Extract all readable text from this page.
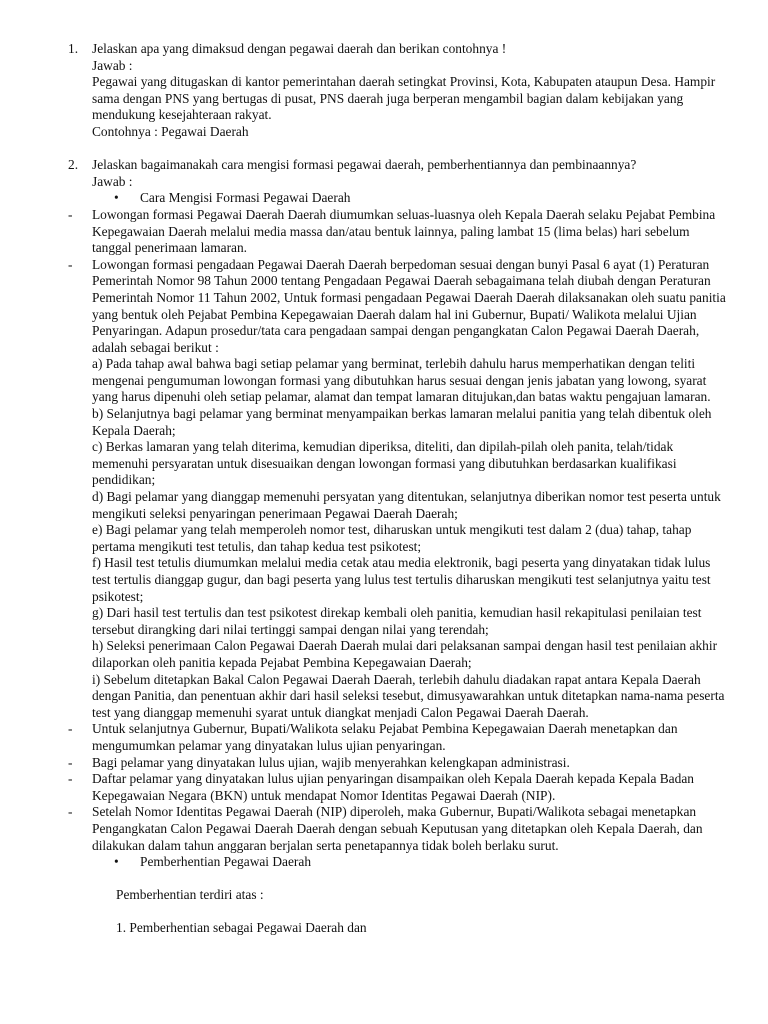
1. Jelaskan apa yang dimaksud dengan pegawai daerah dan berikan contohnya !
Jawab :
Pegawai yang ditugaskan di kantor pemerintahan daerah setingkat Provinsi, Kota, Kabupaten ataupun Desa. Hampir sama dengan PNS yang bertugas di pusat, PNS daerah juga berperan mengambil bagian dalam kebijakan yang mendukung kesejahteraan rakyat.
Contohnya : Pegawai Daerah
2. Jelaskan bagaimanakah cara mengisi formasi pegawai daerah, pemberhentiannya dan pembinaannya?
Jawab :
• Cara Mengisi Formasi Pegawai Daerah
- Lowongan formasi Pegawai Daerah Daerah diumumkan seluas-luasnya oleh Kepala Daerah selaku Pejabat Pembina Kepegawaian Daerah melalui media massa dan/atau bentuk lainnya, paling lambat 15 (lima belas) hari sebelum tanggal penerimaan lamaran.

- Lowongan formasi pengadaan Pegawai Daerah Daerah berpedoman sesuai dengan bunyi Pasal 6 ayat (1) Peraturan Pemerintah Nomor 98 Tahun 2000 tentang Pengadaan Pegawai Daerah sebagaimana telah diubah dengan Peraturan Pemerintah Nomor 11 Tahun 2002, Untuk formasi pengadaan Pegawai Daerah Daerah dilaksanakan oleh suatu panitia yang bentuk oleh Pejabat Pembina Kepegawaian Daerah dalam hal ini Gubernur, Bupati/ Walikota melalui Ujian Penyaringan. Adapun prosedur/tata cara pengadaan sampai dengan pengangkatan Calon Pegawai Daerah Daerah, adalah sebagai berikut :

a) Pada tahap awal bahwa bagi setiap pelamar yang berminat, terlebih dahulu harus memperhatikan dengan teliti mengenai pengumuman lowongan formasi yang dibutuhkan harus sesuai dengan jenis jabatan yang lowong, syarat yang harus dipenuhi oleh setiap pelamar, alamat dan tempat lamaran ditujukan,dan batas waktu pengajuan lamaran.

b) Selanjutnya bagi pelamar yang berminat menyampaikan berkas lamaran melalui panitia yang telah dibentuk oleh Kepala Daerah;

c) Berkas lamaran yang telah diterima, kemudian diperiksa, diteliti, dan dipilah-pilah oleh panita, telah/tidak memenuhi persyaratan untuk disesuaikan dengan lowongan formasi yang dibutuhkan berdasarkan kualifikasi pendidikan;

d) Bagi pelamar yang dianggap memenuhi persyatan yang ditentukan, selanjutnya diberikan nomor test peserta untuk mengikuti seleksi penyaringan penerimaan Pegawai Daerah Daerah;

e) Bagi pelamar yang telah memperoleh nomor test, diharuskan untuk mengikuti test dalam 2 (dua) tahap, tahap pertama mengikuti test tetulis, dan tahap kedua test psikotest;

f) Hasil test tetulis diumumkan melalui media cetak atau media elektronik, bagi peserta yang dinyatakan tidak lulus test tertulis dianggap gugur, dan bagi peserta yang lulus test tertulis diharuskan mengikuti test selanjutnya yaitu test psikotest;

g) Dari hasil test tertulis dan test psikotest direkap kembali oleh panitia, kemudian hasil rekapitulasi penilaian test tersebut dirangking dari nilai tertinggi sampai dengan nilai yang terendah;

h) Seleksi penerimaan Calon Pegawai Daerah Daerah mulai dari pelaksanan sampai dengan hasil test penilaian akhir dilaporkan oleh panitia kepada Pejabat Pembina Kepegawaian Daerah;

i) Sebelum ditetapkan Bakal Calon Pegawai Daerah Daerah, terlebih dahulu diadakan rapat antara Kepala Daerah dengan Panitia, dan penentuan akhir dari hasil seleksi tesebut, dimusyawarahkan untuk ditetapkan nama-nama peserta test yang dianggap memenuhi syarat untuk diangkat menjadi Calon Pegawai Daerah Daerah.

- Untuk selanjutnya Gubernur, Bupati/Walikota selaku Pejabat Pembina Kepegawaian Daerah menetapkan dan mengumumkan pelamar yang dinyatakan lulus ujian penyaringan.

- Bagi pelamar yang dinyatakan lulus ujian, wajib menyerahkan kelengkapan administrasi.

- Daftar pelamar yang dinyatakan lulus ujian penyaringan disampaikan oleh Kepala Daerah kepada Kepala Badan Kepegawaian Negara (BKN) untuk mendapat Nomor Identitas Pegawai Daerah (NIP).

- Setelah Nomor Identitas Pegawai Daerah (NIP) diperoleh, maka Gubernur, Bupati/Walikota sebagai menetapkan Pengangkatan Calon Pegawai Daerah Daerah dengan sebuah Keputusan yang ditetapkan oleh Kepala Daerah, dan dilakukan dalam tahun anggaran berjalan serta penetapannya tidak boleh berlaku surut.

• Pemberhentian Pegawai Daerah
Pemberhentian terdiri atas :
1. Pemberhentian sebagai Pegawai Daerah dan
